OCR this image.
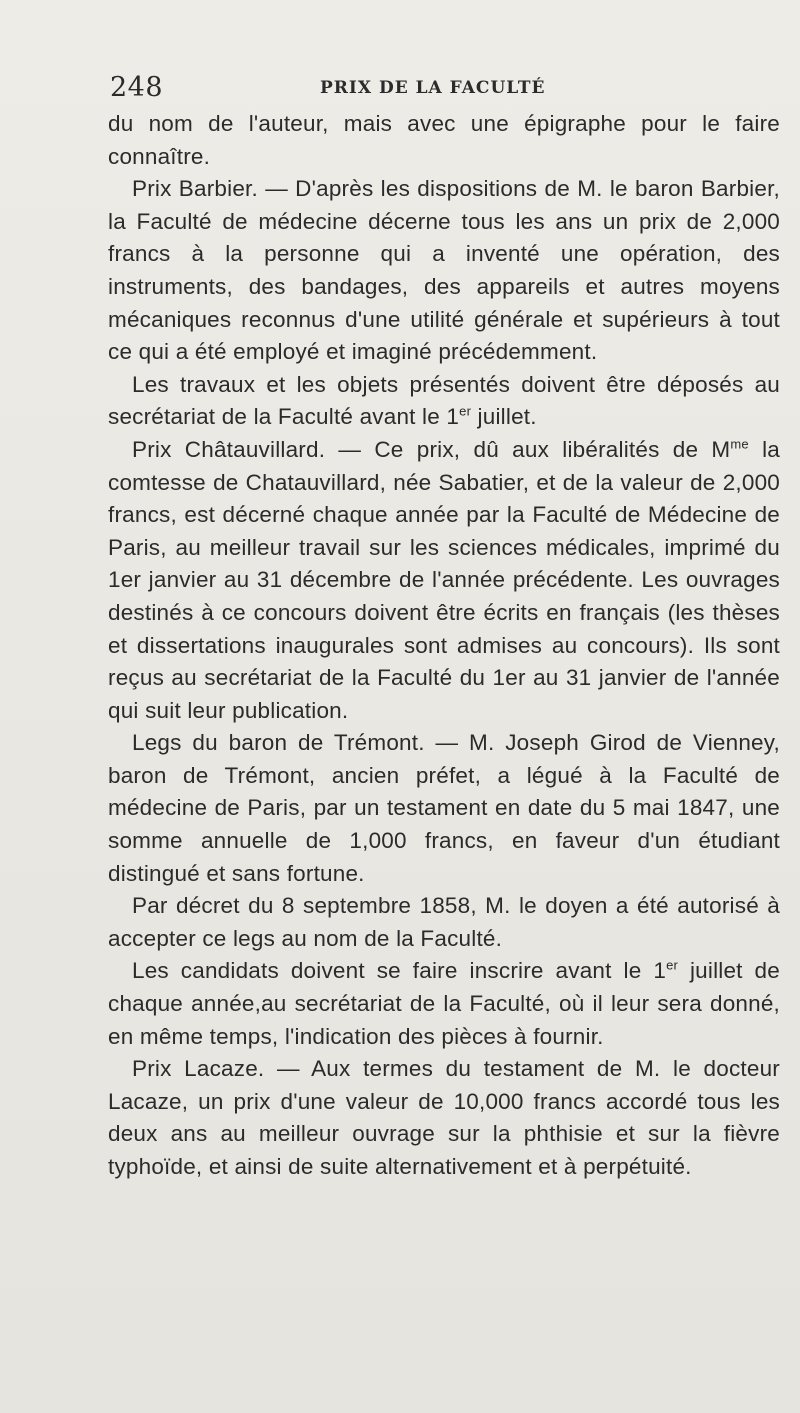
248	PRIX DE LA FACULTÉ

du nom de l'auteur, mais avec une épigraphe pour le faire connaître.

Prix Barbier. — D'après les dispositions de M. le baron Barbier, la Faculté de médecine décerne tous les ans un prix de 2,000 francs à la personne qui a inventé une opération, des instruments, des bandages, des appareils et autres moyens mécaniques reconnus d'une utilité générale et supérieurs à tout ce qui a été employé et imaginé précédemment.

Les travaux et les objets présentés doivent être déposés au secrétariat de la Faculté avant le 1er juillet.

Prix Châtauvillard. — Ce prix, dû aux libéralités de $M^{me}$ la comtesse de Chatauvillard, née Sabatier, et de la valeur de 2,000 francs, est décerné chaque année par la Faculté de Médecine de Paris, au meilleur travail sur les sciences médicales, imprimé du 1er janvier au 31 décembre de l'année précédente. Les ouvrages destinés à ce concours doivent être écrits en français (les thèses et dissertations inaugurales sont admises au concours). Ils sont reçus au secrétariat de la Faculté du 1er au 31 janvier de l'année qui suit leur publication.

Legs du baron de Trémont. — M. Joseph Girod de Vienney, baron de Trémont, ancien préfet, a légué à la Faculté de médecine de Paris, par un testament en date du 5 mai 1847, une somme annuelle de 1,000 francs, en faveur d'un étudiant distingué et sans fortune.

Par décret du 8 septembre 1858, M. le doyen a été autorisé à accepter ce legs au nom de la Faculté.

Les candidats doivent se faire inscrire avant le 1er juillet de chaque année,au secrétariat de la Faculté, où il leur sera donné, en même temps, l'indication des pièces à fournir.

Prix Lacaze. — Aux termes du testament de M. le docteur Lacaze, un prix d'une valeur de 10,000 francs accordé tous les deux ans au meilleur ouvrage sur la phthisie et sur la fièvre typhoïde, et ainsi de suite alternativement et à perpétuité.
